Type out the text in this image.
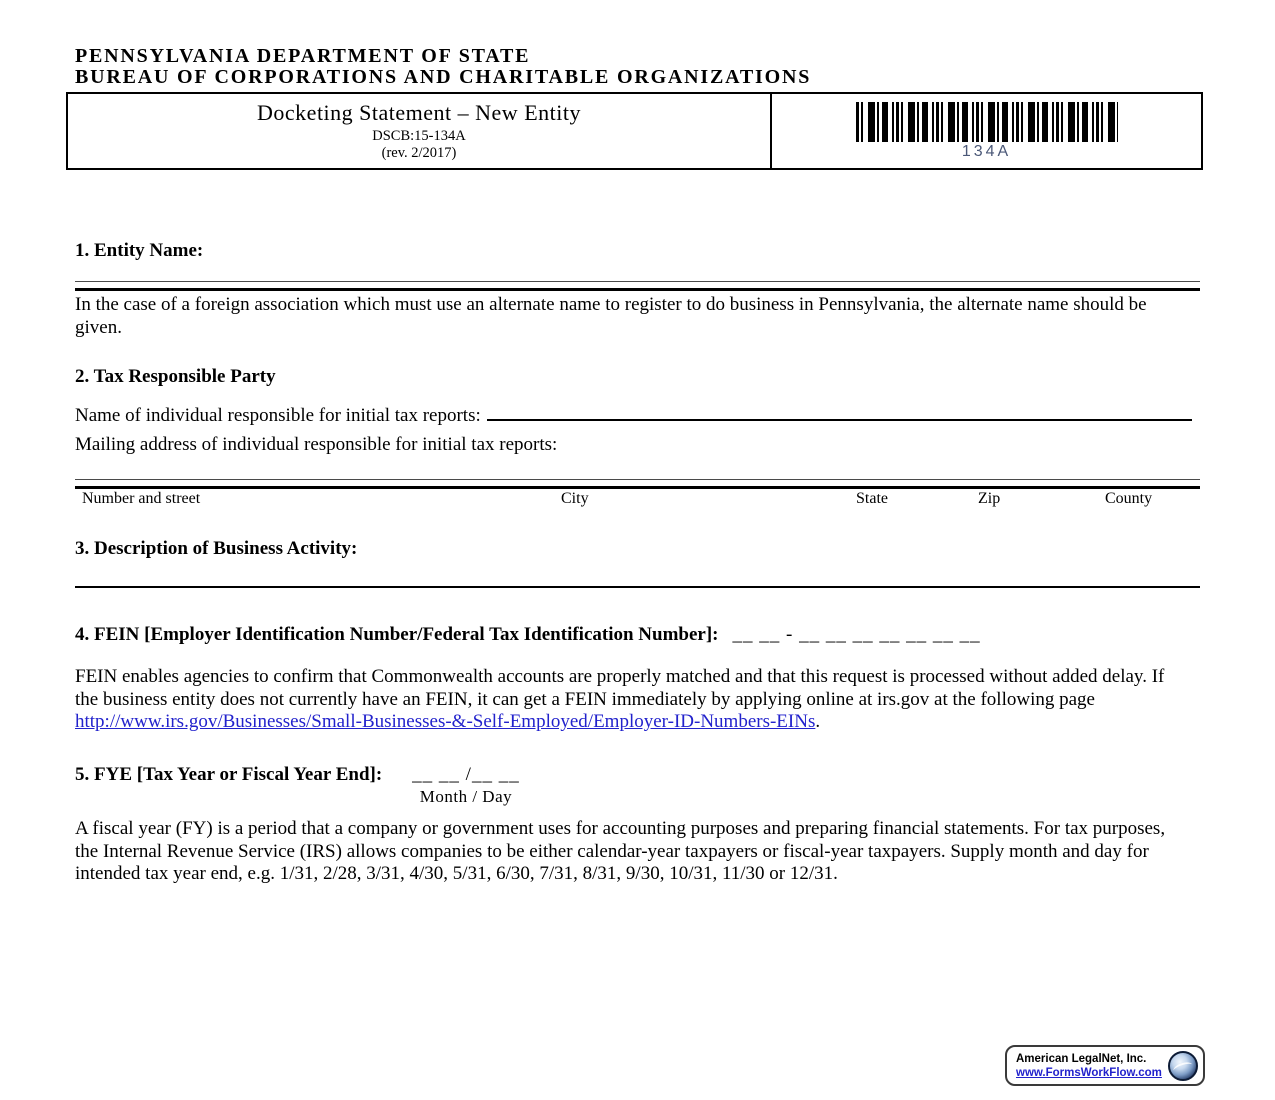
PENNSYLVANIA DEPARTMENT OF STATE
BUREAU OF CORPORATIONS AND CHARITABLE ORGANIZATIONS
Docketing Statement – New Entity
DSCB:15-134A
(rev. 2/2017)	134A
1. Entity Name:
In the case of a foreign association which must use an alternate name to register to do business in Pennsylvania, the alternate name should be given.
2. Tax Responsible Party
Name of individual responsible for initial tax reports:
Mailing address of individual responsible for initial tax reports:
Number and street	City	State	Zip	County
3. Description of Business Activity:
4. FEIN [Employer Identification Number/Federal Tax Identification Number]: __ __ - __ __ __ __ __ __ __
FEIN enables agencies to confirm that Commonwealth accounts are properly matched and that this request is processed without added delay. If the business entity does not currently have an FEIN, it can get a FEIN immediately by applying online at irs.gov at the following page http://www.irs.gov/Businesses/Small-Businesses-&-Self-Employed/Employer-ID-Numbers-EINs.
5. FYE [Tax Year or Fiscal Year End]: __ __ /__ __
Month / Day
A fiscal year (FY) is a period that a company or government uses for accounting purposes and preparing financial statements. For tax purposes, the Internal Revenue Service (IRS) allows companies to be either calendar-year taxpayers or fiscal-year taxpayers. Supply month and day for intended tax year end, e.g. 1/31, 2/28, 3/31, 4/30, 5/31, 6/30, 7/31, 8/31, 9/30, 10/31, 11/30 or 12/31.
American LegalNet, Inc.
www.FormsWorkFlow.com
